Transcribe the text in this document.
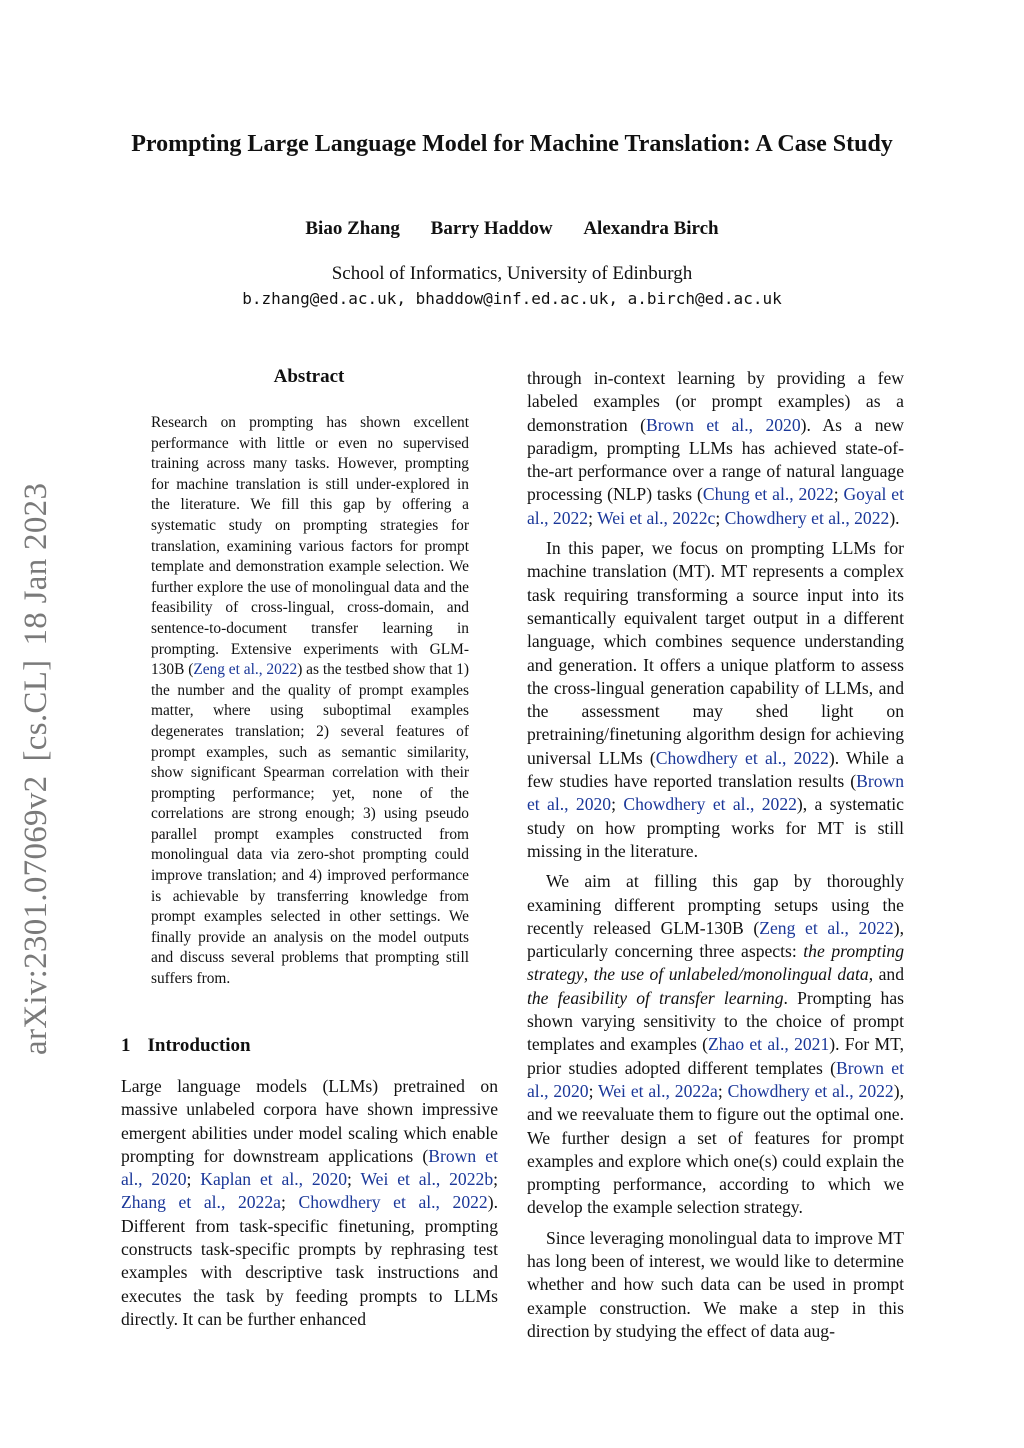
arXiv:2301.07069v2[cs.CL]18 Jan 2023
Prompting Large Language Model for Machine Translation: A Case Study
Biao Zhang Barry Haddow Alexandra Birch
School of Informatics, University of Edinburgh
b.zhang@ed.ac.uk, bhaddow@inf.ed.ac.uk, a.birch@ed.ac.uk
Abstract
Research on prompting has shown excellent performance with little or even no supervised training across many tasks. However, prompting for machine translation is still under-explored in the literature. We fill this gap by offering a systematic study on prompting strategies for translation, examining various factors for prompt template and demonstration example selection. We further explore the use of monolingual data and the feasibility of cross-lingual, cross-domain, and sentence-to-document transfer learning in prompting. Extensive experiments with GLM-130B (Zeng et al., 2022) as the testbed show that 1) the number and the quality of prompt examples matter, where using suboptimal examples degenerates translation; 2) several features of prompt examples, such as semantic similarity, show significant Spearman correlation with their prompting performance; yet, none of the correlations are strong enough; 3) using pseudo parallel prompt examples constructed from monolingual data via zero-shot prompting could improve translation; and 4) improved performance is achievable by transferring knowledge from prompt examples selected in other settings. We finally provide an analysis on the model outputs and discuss several problems that prompting still suffers from.
1 Introduction

Large language models (LLMs) pretrained on massive unlabeled corpora have shown impressive emergent abilities under model scaling which enable prompting for downstream applications (Brown et al., 2020; Kaplan et al., 2020; Wei et al., 2022b; Zhang et al., 2022a; Chowdhery et al., 2022). Different from task-specific finetuning, prompting constructs task-specific prompts by rephrasing test examples with descriptive task instructions and executes the task by feeding prompts to LLMs directly. It can be further enhanced

through in-context learning by providing a few labeled examples (or prompt examples) as a demonstration (Brown et al., 2020). As a new paradigm, prompting LLMs has achieved state-of-the-art performance over a range of natural language processing (NLP) tasks (Chung et al., 2022; Goyal et al., 2022; Wei et al., 2022c; Chowdhery et al., 2022).

In this paper, we focus on prompting LLMs for machine translation (MT). MT represents a complex task requiring transforming a source input into its semantically equivalent target output in a different language, which combines sequence understanding and generation. It offers a unique platform to assess the cross-lingual generation capability of LLMs, and the assessment may shed light on pretraining/finetuning algorithm design for achieving universal LLMs (Chowdhery et al., 2022). While a few studies have reported translation results (Brown et al., 2020; Chowdhery et al., 2022), a systematic study on how prompting works for MT is still missing in the literature.

We aim at filling this gap by thoroughly examining different prompting setups using the recently released GLM-130B (Zeng et al., 2022), particularly concerning three aspects: the prompting strategy, the use of unlabeled/monolingual data, and the feasibility of transfer learning. Prompting has shown varying sensitivity to the choice of prompt templates and examples (Zhao et al., 2021). For MT, prior studies adopted different templates (Brown et al., 2020; Wei et al., 2022a; Chowdhery et al., 2022), and we reevaluate them to figure out the optimal one. We further design a set of features for prompt examples and explore which one(s) could explain the prompting performance, according to which we develop the example selection strategy.

Since leveraging monolingual data to improve MT has long been of interest, we would like to determine whether and how such data can be used in prompt example construction. We make a step in this direction by studying the effect of data aug-
